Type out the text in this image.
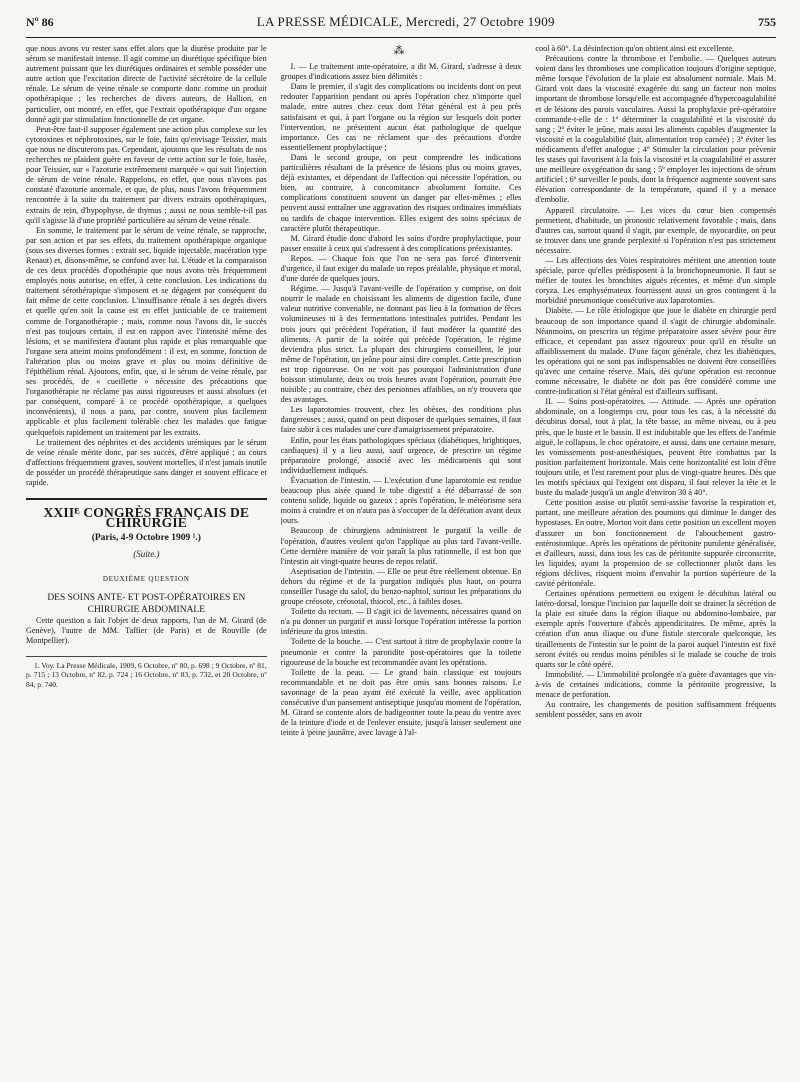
Nº 86	LA PRESSE MÉDICALE, Mercredi, 27 Octobre 1909	755

que nous avons vu rester sans effet alors que la diurèse produite par le sérum se manifestait intense. Il agit comme un diurétique spécifique bien autrement puissant que les diurétiques ordinaires et semble posséder une autre action que l'excitation directe de l'activité sécrétoire de la cellule rénale. Le sérum de veine rénale se comporte donc comme un produit opothérapique ; les recherches de divers auteurs, de Hallion, en particulier, ont montré, en effet, que l'extrait opothérapique d'un organe donné agit par stimulation fonctionnelle de cet organe.

Peut-être faut-il supposer également une action plus complexe sur les cytotoxines et néphrotoxines, sur le foie, faits qu'envisage Teissier, mais que nous ne discuterons pas. Cependant, ajoutons que les résultats de nos recherches ne plaident guère en faveur de cette action sur le foie, basée, pour Teissier, sur « l'azoturie extrêmement marquée » qui suit l'injection de sérum de veine rénale. Rappelons, en effet, que nous n'avons pas constaté d'azoturie anormale, et que, de plus, nous l'avons fréquemment rencontrée à la suite du traitement par divers extraits opothérapiques, extraits de rein, d'hypophyse, de thymus ; aussi ne nous semble-t-il pas qu'il s'agisse là d'une propriété particulière au sérum de veine rénale.

En somme, le traitement par le sérum de veine rénale, se rapproche, par son action et par ses effets, du traitement opothérapique organique (sous ses diverses formes : extrait sec, liquide injectable, macération type Renaut) et, disons-même, se confond avec lui. L'étude et la comparaison de ces deux procédés d'opothérapie que nous avons très fréquemment employés nous autorise, en effet, à cette conclusion. Les indications du traitement sérothérapique s'imposent et se dégagent par conséquent du fait même de cette conclusion. L'insuffisance rénale à ses degrés divers et quelle qu'en soit la cause est en effet justiciable de ce traitement comme de l'organothérapie ; mais, comme nous l'avons dit, le succès n'est pas toujours certain, il est en rapport avec l'intensité même des lésions, et se manifestera d'autant plus rapide et plus remarquable que l'organe sera atteint moins profondément : il est, en somme, fonction de l'altération plus ou moins grave et plus ou moins définitive de l'épithélium rénal. Ajoutons, enfin, que, si le sérum de veine rénale, par ses procédés, de « cueillette » nécessite des précautions que l'organothérapie ne réclame pas aussi rigoureuses et aussi absolues (et par conséquent, comparé à ce procédé opothérapique, a quelques inconvénients), il nous a paru, par contre, souvent plus facilement applicable et plus facilement tolérable chez les malades que fatigue quelquefois rapidement un traitement par les extraits.

Le traitement des néphrites et des accidents urémiques par le sérum de veine rénale mérite donc, par ses succès, d'être appliqué ; au cours d'affections fréquemment graves, souvent mortelles, il n'est jamais inutile de posséder un procédé thérapeutique sans danger et souvent efficace et rapide.

XXIIᴱ CONGRÈS FRANÇAIS DE CHIRURGIE
(Paris, 4-9 Octobre 1909 ¹.)
(Suite.)
DEUXIÈME QUESTION
DES SOINS ANTE- ET POST-OPÉRATOIRES EN CHIRURGIE ABDOMINALE

Cette question a fait l'objet de deux rapports, l'un de M. Girard (de Genève), l'autre de MM. Taffier (de Paris) et de Rouville (de Montpellier).

1. Voy. La Presse Médicale, 1909, 6 Octobre, nº 80, p. 698 ; 9 Octobre, nº 81, p. 715 ; 13 Octobre, nº 82, p. 724 ; 16 Octobre, nº 83, p. 732, et 20 Octobre, nº 84, p. 740.

⁂

I. — Le traitement ante-opératoire, a dit M. Girard, s'adresse à deux groupes d'indications assez bien délimités :

Dans le premier, il s'agit des complications ou incidents dont on peut redouter l'apparition pendant ou après l'opération chez n'importe quel malade, entre autres chez ceux dont l'état général est à peu près satisfaisant et qui, à part l'organe ou la région sur lesquels doit porter l'intervention, ne présentent aucun état pathologique de quelque importance. Ces cas ne réclament que des précautions d'ordre essentiellement prophylactique ;

Dans le second groupe, on peut comprendre les indications particulières résultant de la présence de lésions plus ou moins graves, déjà existantes, et dépendant de l'affection qui nécessite l'opération, ou bien, au contraire, à concomitance absolument fortuite. Ces complications constituent souvent un danger par elles-mêmes ; elles peuvent aussi entraîner une aggravation des risques ordinaires immédiats ou tardifs de chaque intervention. Elles exigent des soins spéciaux de caractère plutôt thérapeutique.

M. Girard étudie donc d'abord les soins d'ordre prophylactique, pour passer ensuite à ceux qui s'adressent à des complications préexistantes.

Repos. — Chaque fois que l'on ne sera pas forcé d'intervenir d'urgence, il faut exiger du malade un repos préalable, physique et moral, d'une durée de quelques jours.

Régime. — Jusqu'à l'avant-veille de l'opération y comprise, on doit nourrir le malade en choisissant les aliments de digestion facile, d'une valeur nutritive convenable, ne donnant pas lieu à la formation de fèces volumineuses ni à des fermentations intestinales putrides. Pendant les trois jours qui précèdent l'opération, il faut modérer la quantité des aliments. A partir de la soirée qui précède l'opération, le régime deviendra plus strict. La plupart des chirurgiens conseillent, le jour même de l'opération, un jeûne pour ainsi dire complet. Cette prescription est trop rigoureuse. On ne voit pas pourquoi l'administration d'une boisson stimulante, deux ou trois heures avant l'opération, pourrait être nuisible ; au contraire, chez des personnes affaiblies, on n'y trouvera que des avantages.

Les laparotomies trouvent, chez les obèses, des conditions plus dangereuses ; aussi, quand on peut disposer de quelques semaines, il faut faire subir à ces malades une cure d'amaigrissement préparatoire.

Enfin, pour les états pathologiques spéciaux (diabétiques, brightiques, cardiaques) il y a lieu aussi, sauf urgence, de prescrire un régime préparatoire prolongé, associé avec les médicaments qui sont individuellement indiqués.

Évacuation de l'intestin. — L'exécution d'une laparotomie est rendue beaucoup plus aisée quand le tube digestif a été débarrassé de son contenu solide, liquide ou gazeux ; après l'opération, le météorisme sera moins à craindre et on n'aura pas à s'occuper de la défécation avant deux jours.

Beaucoup de chirurgiens administrent le purgatif la veille de l'opération, d'autres veulent qu'on l'applique au plus tard l'avant-veille. Cette dernière manière de voir paraît la plus rationnelle, il est bon que l'intestin ait vingt-quatre heures de repos relatif.

Aseptisation de l'intestin. — Elle ne peut être réellement obtenue. En dehors du régime et de la purgation indiqués plus haut, on pourra conseiller l'usage du salol, du benzo-naphtol, surtout les préparations du groupe créosote, créosotal, thiocol, etc., à faibles doses.

Toilette du rectum. — Il s'agit ici de lavements, nécessaires quand on n'a pu donner un purgatif et aussi lorsque l'opération intéresse la portion inférieure du gros intestin.

Toilette de la bouche. — C'est surtout à titre de prophylaxie contre la pneumonie et contre la parotidite post-opératoires que la toilette rigoureuse de la bouche est recommandée avant les opérations.

Toilette de la peau. — Le grand bain classique est toujours recommandable et ne doit pas être omis sans bonnes raisons. Le savonnage de la peau ayant été exécuté la veille, avec application consécutive d'un pansement antiseptique jusqu'au moment de l'opération, M. Girard se contente alors de badigeonner toute la peau du ventre avec de la teinture d'iode et de l'enlever ensuite, jusqu'à laisser seulement une teinte à 'peine jaunâtre, avec lavage à l'al-

cool à 60°. La désinfection qu'on obtient ainsi est excellente.

Précautions contre la thrombose et l'embolie. — Quelques auteurs voient dans les thromboses une complication toujours d'origine septique, même lorsque l'évolution de la plaie est absolument normale. Mais M. Girard voit dans la viscosité exagérée du sang un facteur non moins important de thrombose lorsqu'elle est accompagnée d'hypercoagulabilité et de lésions des parois vasculaires. Aussi la prophylaxie pré-opératoire commande-t-elle de : 1º déterminer la coagulabilité et la viscosité du sang ; 2º éviter le jeûne, mais aussi les aliments capables d'augmenter la viscosité et la coagulabilité (lait, alimentation trop carnée) ; 3º éviter les médicaments d'effet analogue ; 4º Stimuler la circulation pour prévenir les stases qui favorisent à la fois la viscosité et la coagulabilité et assurer une meilleure oxygénation du sang ; 5º employer les injections de sérum artificiel ; 6º surveiller le pouls, dont la fréquence augmente souvent sans élévation correspondante de la température, quand il y a menace d'embolie.

Appareil circulatoire. — Les vices du cœur bien compensés permettent, d'habitude, un pronostic relativement favorable ; mais, dans d'autres cas, surtout quand il s'agit, par exemple, de myocardite, on peut se trouver dans une grande perplexité si l'opération n'est pas strictement nécessaire.

— Les affections des Voies respiratoires méritent une attention toute spéciale, parce qu'elles prédisposent à la bronchopneumonie. Il faut se méfier de toutes les bronchites aiguës récentes, et même d'un simple coryza. Les emphysémateux fournissent aussi un gros contingent à la morbidité pneumonique consécutive aux laparotomies.

Diabète. — Le rôle étiologique que joue le diabète en chirurgie perd beaucoup de son importance quand il s'agit de chirurgie abdominale. Néanmoins, on prescrira un régime préparatoire assez sévère pour être efficace, et cependant pas assez rigoureux pour qu'il en résulte un affaiblissement du malade. D'une façon générale, chez les diabétiques, les opérations qui ne sont pas indispensables ne doivent être conseillées qu'avec une certaine réserve. Mais, dès qu'une opération est reconnue comme nécessaire, le diabète ne doit pas être considéré comme une contre-indication si l'état général est d'ailleurs suffisant.

II. — Soins post-opératoires. — Attitude. — Après une opération abdominale, on a longtemps cru, pour tous les cas, à la nécessité du décubitus dorsal, tout à plat, la tête basse, au même niveau, ou à peu près, que le buste et le bassin. Il est indubitable que les effets de l'anémie aiguë, le collapsus, le choc opératoire, et aussi, dans une certaine mesure, les vomissements post-anesthésiques, peuvent être combattus par la position parfaitement horizontale. Mais cette horizontalité est loin d'être toujours utile, et l'est rarement pour plus de vingt-quatre heures. Dès que les motifs spéciaux qui l'exigent ont disparu, il faut relever la tête et le buste du malade jusqu'à un angle d'environ 30 à 40°.

Cette position assise ou plutôt semi-assise favorise la respiration et, partant, une meilleure aération des poumons qui diminue le danger des hypostases. En outre, Morton voit dans cette position un excellent moyen d'assurer un bon fonctionnement de l'abouchement gastro-entérostomique. Après les opérations de péritonite purulente généralisée, et d'ailleurs, aussi, dans tous les cas de péritonite suppurée circonscrite, les liquides, ayant la propension de se collectionner plutôt dans les régions déclives, risquent moins d'envahir la portion supérieure de la cavité péritonéale.

Certaines opérations permettent ou exigent le décubitus latéral ou latéro-dorsal, lorsque l'incision par laquelle doit se drainer la sécrétion de la plaie est située dans la région iliaque ou abdomino-lombaire, par exemple après l'ouverture d'abcès appendicitaires. De même, après la création d'un anus iliaque ou d'une fistule stercorale quelconque, les tiraillements de l'intestin sur le point de la paroi auquel l'intestin est fixé seront évités ou rendus moins pénibles si le malade se couche de trois quarts sur le côté opéré.

Immobilité. — L'immobilité prolongée n'a guère d'avantages que vis-à-vis de certaines indications, comme la péritonite progressive, la menace de perforation.

Au contraire, les changements de position suffisamment fréquents semblent posséder, sans en avoir
